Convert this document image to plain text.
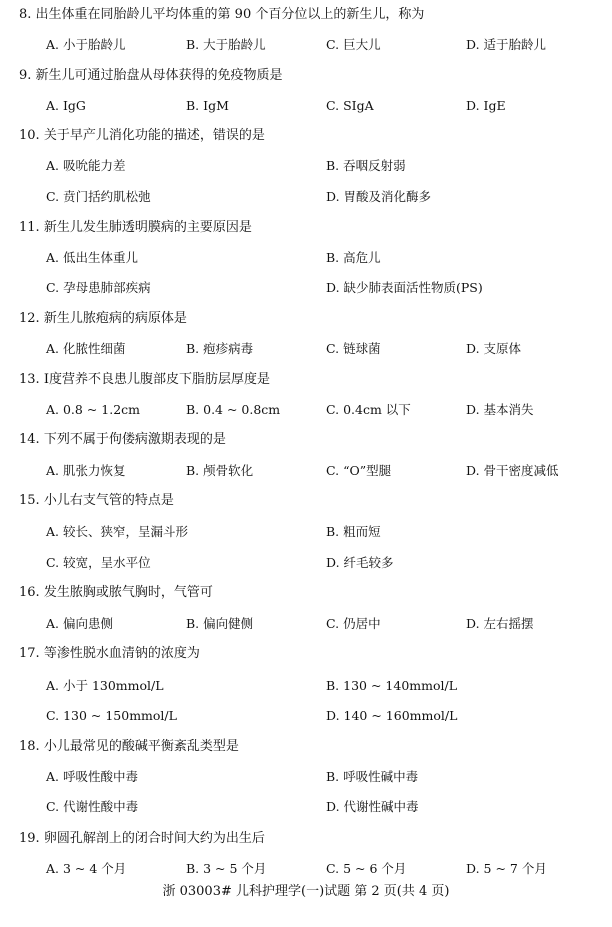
8. 出生体重在同胎龄儿平均体重的第 90 个百分位以上的新生儿，称为
A. 小于胎龄儿	B. 大于胎龄儿	C. 巨大儿	D. 适于胎龄儿
9. 新生儿可通过胎盘从母体获得的免疫物质是
A. IgG	B. IgM	C. SIgA	D. IgE
10. 关于早产儿消化功能的描述，错误的是
A. 吸吮能力差	B. 吞咽反射弱
C. 贲门括约肌松弛	D. 胃酸及消化酶多
11. 新生儿发生肺透明膜病的主要原因是
A. 低出生体重儿	B. 高危儿
C. 孕母患肺部疾病	D. 缺少肺表面活性物质(PS)
12. 新生儿脓疱病的病原体是
A. 化脓性细菌	B. 疱疹病毒	C. 链球菌	D. 支原体
13. Ⅰ度营养不良患儿腹部皮下脂肪层厚度是
A. 0.8 ~ 1.2cm	B. 0.4 ~ 0.8cm	C. 0.4cm 以下	D. 基本消失
14. 下列不属于佝偻病激期表现的是
A. 肌张力恢复	B. 颅骨软化	C. “O”型腿	D. 骨干密度减低
15. 小儿右支气管的特点是
A. 较长、狭窄，呈漏斗形	B. 粗而短
C. 较宽，呈水平位	D. 纤毛较多
16. 发生脓胸或脓气胸时，气管可
A. 偏向患侧	B. 偏向健侧	C. 仍居中	D. 左右摇摆
17. 等渗性脱水血清钠的浓度为
A. 小于 130mmol/L	B. 130 ~ 140mmol/L
C. 130 ~ 150mmol/L	D. 140 ~ 160mmol/L
18. 小儿最常见的酸碱平衡紊乱类型是
A. 呼吸性酸中毒	B. 呼吸性碱中毒
C. 代谢性酸中毒	D. 代谢性碱中毒
19. 卵圆孔解剖上的闭合时间大约为出生后
A. 3 ~ 4 个月	B. 3 ~ 5 个月	C. 5 ~ 6 个月	D. 5 ~ 7 个月
浙 03003# 儿科护理学(一)试题 第 2 页(共 4 页)
